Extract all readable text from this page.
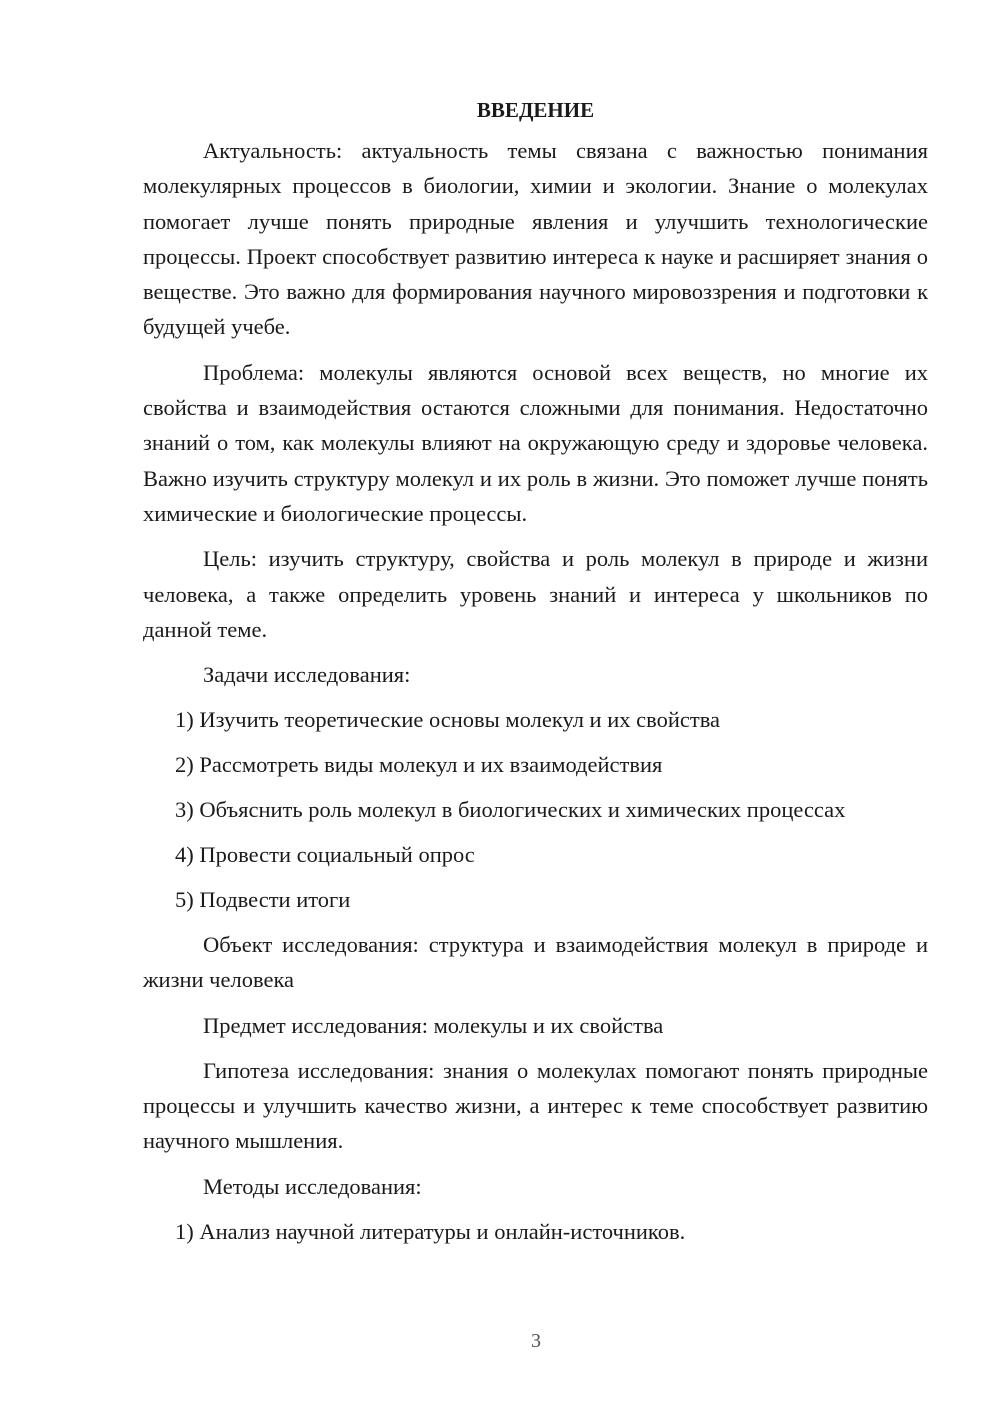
ВВЕДЕНИЕ

Актуальность: актуальность темы связана с важностью понимания молекулярных процессов в биологии, химии и экологии. Знание о молекулах помогает лучше понять природные явления и улучшить технологические процессы. Проект способствует развитию интереса к науке и расширяет знания о веществе. Это важно для формирования научного мировоззрения и подготовки к будущей учебе.

Проблема: молекулы являются основой всех веществ, но многие их свойства и взаимодействия остаются сложными для понимания. Недостаточно знаний о том, как молекулы влияют на окружающую среду и здоровье человека. Важно изучить структуру молекул и их роль в жизни. Это поможет лучше понять химические и биологические процессы.

Цель: изучить структуру, свойства и роль молекул в природе и жизни человека, а также определить уровень знаний и интереса у школьников по данной теме.

Задачи исследования:

1) Изучить теоретические основы молекул и их свойства

2) Рассмотреть виды молекул и их взаимодействия

3) Объяснить роль молекул в биологических и химических процессах

4) Провести социальный опрос

5) Подвести итоги

Объект исследования: структура и взаимодействия молекул в природе и жизни человека

Предмет исследования: молекулы и их свойства

Гипотеза исследования: знания о молекулах помогают понять природные процессы и улучшить качество жизни, а интерес к теме способствует развитию научного мышления.

Методы исследования:

1) Анализ научной литературы и онлайн-источников.

3
